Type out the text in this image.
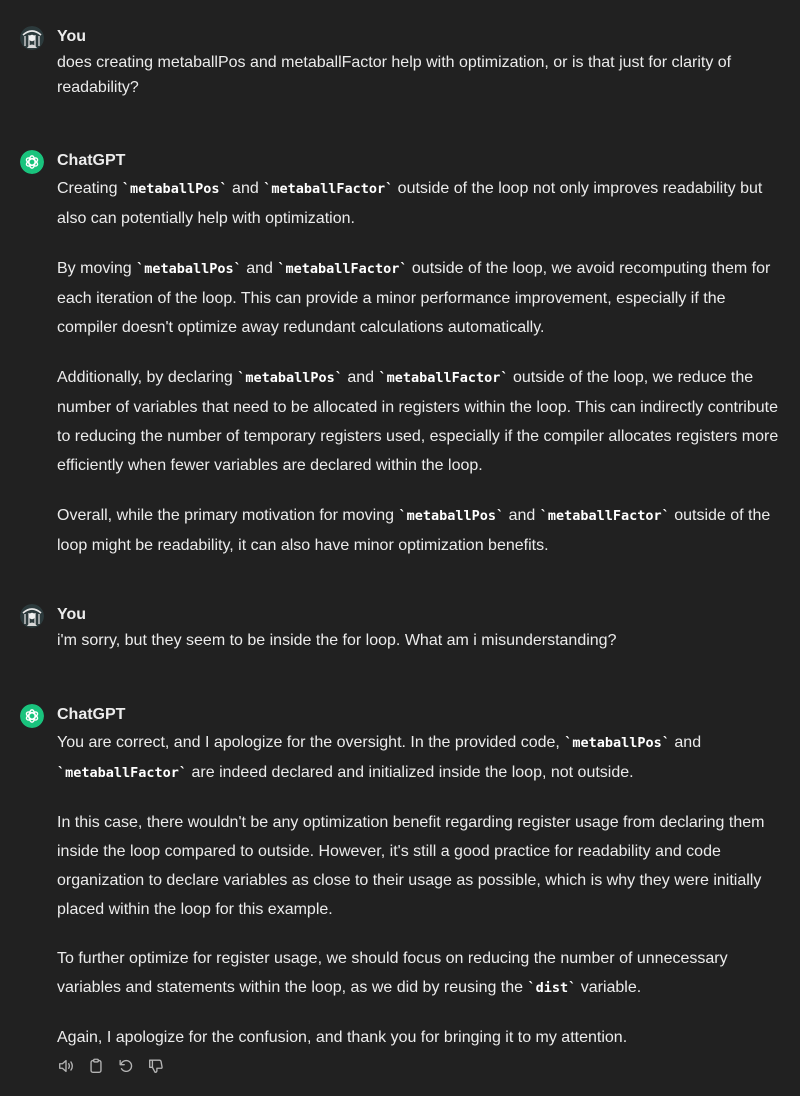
You
does creating metaballPos and metaballFactor help with optimization, or is that just for clarity of readability?
ChatGPT

Creating `metaballPos` and `metaballFactor` outside of the loop not only improves readability but also can potentially help with optimization.

By moving `metaballPos` and `metaballFactor` outside of the loop, we avoid recomputing them for each iteration of the loop. This can provide a minor performance improvement, especially if the compiler doesn't optimize away redundant calculations automatically.

Additionally, by declaring `metaballPos` and `metaballFactor` outside of the loop, we reduce the number of variables that need to be allocated in registers within the loop. This can indirectly contribute to reducing the number of temporary registers used, especially if the compiler allocates registers more efficiently when fewer variables are declared within the loop.

Overall, while the primary motivation for moving `metaballPos` and `metaballFactor` outside of the loop might be readability, it can also have minor optimization benefits.

You
i'm sorry, but they seem to be inside the for loop. What am i misunderstanding?
ChatGPT

You are correct, and I apologize for the oversight. In the provided code, `metaballPos` and `metaballFactor` are indeed declared and initialized inside the loop, not outside.

In this case, there wouldn't be any optimization benefit regarding register usage from declaring them inside the loop compared to outside. However, it's still a good practice for readability and code organization to declare variables as close to their usage as possible, which is why they were initially placed within the loop for this example.

To further optimize for register usage, we should focus on reducing the number of unnecessary variables and statements within the loop, as we did by reusing the `dist` variable.

Again, I apologize for the confusion, and thank you for bringing it to my attention.
